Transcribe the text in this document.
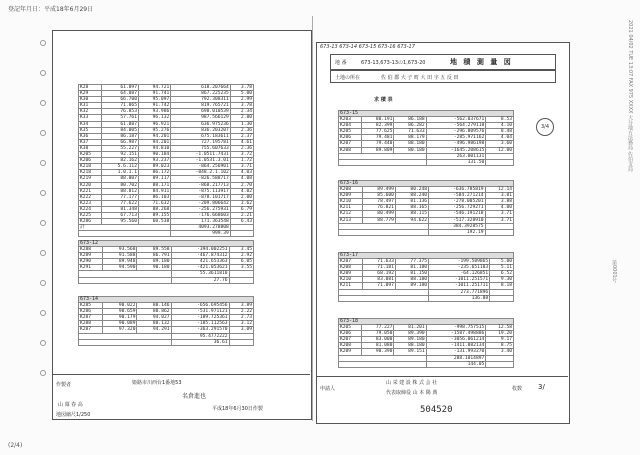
登記年月日：平成18年6月29日
2021 04/02 TUE 13:07 FAX 975 XXXX 大分地方法務局 佐伯支局
第0001号
K28	61.097	94.721	618.207664	3.78
K29	64.087	91.741	867.225235	5.00
K30	66.700	95.097	792.308311	2.99
K31	71.065	91.742	819.765721	3.78
K32	76.853	93.986	698.010539	2.34
K33	57.761	96.132	987.566129	2.80
K34	61.087	96.921	636.975236	1.30
K35	84.005	95.276	836.203207	2.36
K36	86.187	94.201	675.183611	2.37
K37	66.987	94.201	727.195781	4.61
K38	55.227	94.810	755.607633	2.36
K205	92.151	90.184	-1.0511.7431	3.72
K206	82.162	93.237	-1.0531.3.01	1.72
K218	5.6.112	89.023	-864.256901	3.71
K218	1.0.1.1	86.172	-848.2.1.102	4.03
K219	88.007	89.117	-826.588717	4.08
K220	80.702	88.171	-868.217713	2.70
K221	88.012	84.911	-875.113917	4.02
K222	77.177	86.103	-878.101717	2.00
K223	77.622	71.632	-209.806642	3.62
K224	81.348	88.268	-256.275931	6.79
K225	67.713	89.155	-176.668603	2.21
K286	95.560	60.538	171.363548	6.43
計			4093.278808	
			999.39	
673-12				
K288	93.568	89.558	-394.002251	3.45
K289	91.588	86.791	-467.874312	2.92
K290	89.948	89.180	421.653363	6.05
K291	94.590	90.180	-421.053621	3.55
			55.3611810	
			27.76	
673-14				
K285	90.022	80.146	-656.695456	3.89
K286	90.659	80.862	-531.971121	2.22
K287	90.179	94.027	-189.725361	2.73
K288	90.089	80.132	-185.112563	3.12
K287	97.320	94.291	-363.291570	3.09
			95.4772222	
			36.61	
作製者
山 幕 春 高
姫路市川西台1番地53
名倉進也
平成18年6月30日作製
地図縮尺1/250
673-13 673-14 673-15 673-16 673-17
地 番	673-13,673-13の1,673-20	地 積 測 量 図
土地の所在	佐 伯 郡 大 子 町 大 田 字 五 反 田
求 積 表
3/4
673-15				
K203	80.191	86.188	-562.037671	8.53
K204	82.399	86.282	-564.279118	4.10
K205	77.625	71.633	-296.809576	8.48
K206	79.481	88.179	-285.971162	4.04
K207	79.440	88.180	-496.986198	3.60
K208	89.809	80.180	-1645.208615	12.00
			263.001131	
			131.50	
673-16				
K208	89.499	80.248	-636.785819	12.14
K209	85.600	88.240	-584.271214	3.81
K210	78.497	81.136	-278.005201	3.88
K211	76.821	88.165	-256.729271	4.00
K212	80.499	88.115	-546.191218	3.71
K213	88.779	94.622	-517.328910	3.71
			384.3928575	
			192.19	
673-17				
K207	71.633	77.375	-199.509865	5.00
K208	71.181	81.180	-235.651103	5.11
K209	68.192	81.150	-64.126851	6.52
K210	83.081	88.180	-1011.251571	9.30
K211	71.097	89.180	-1011.251711	8.18
			273.771896	
			136.88	
673-18				
K205	77.227	81.201	-998.757515	12.58
K206	79.050	89.390	-1587.498886	19.20
K207	83.000	89.180	-3056.061214	9.17
K208	81.080	88.180	-1411.882134	8.75
K209	90.390	89.151	-131.993270	3.40
			288.1014897	
			144.05	
申請人
山 栄 建 設 株 式 会 社
代表取締役 山 本 陽 典
枚数 3/
504520
(2/4)
